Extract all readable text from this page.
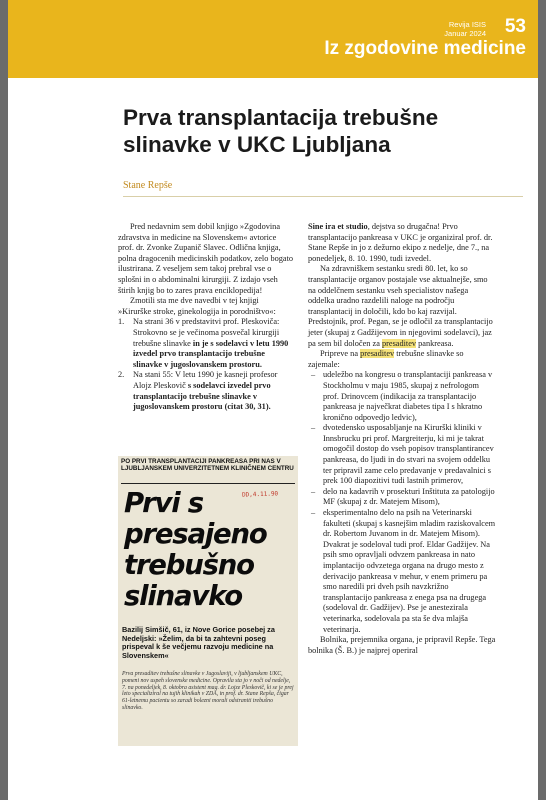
Revija ISIS
Januar 2024 53
Iz zgodovine medicine
Prva transplantacija trebušne slinavke v UKC Ljubljana
Stane Repše

Pred nedavnim sem dobil knjigo »Zgodovina zdravstva in medicine na Slovenskem« avtorice prof. dr. Zvonke Zupanič Slavec. Odlična knjiga, polna dragocenih medicinskih podatkov, zelo bogato ilustrirana. Z veseljem sem takoj prebral vse o splošni in o abdominalni kirurgiji. Z izdajo vseh štirih knjig bo to zares prava enciklopedija!

Zmotili sta me dve navedbi v tej knjigi »Kirurške stroke, ginekologija in porodništvo«:

1. Na strani 36 v predstavitvi prof. Pleskoviča: Strokovno se je večinoma posvečal kirurgiji trebušne slinavke in je s sodelavci v letu 1990 izvedel prvo transplantacijo trebušne slinavke v jugoslovanskem prostoru.
2. Na stani 55: V letu 1990 je kasneji profesor Alojz Pleskovič s sodelavci izvedel prvo transplantacijo trebušne slinavke v jugoslovanskem prostoru (citat 30, 31).
PO PRVI TRANSPLANTACIJI PANKREASA PRI NAS V LJUBLJANSKEM UNIVERZITETNEM KLINIČNEM CENTRU
Prvi s
presajeno
trebušno
slinavko
DD,4.11.90
Bazilij Simšič, 61, iz Nove Gorice posebej za Nedeljski: »Želim, da bi ta zahtevni poseg prispeval k še večjemu razvoju medicine na Slovenskem«
Prva presaditev trebušne slinavke v Jugoslaviji, v ljubljanskem UKC, pomeni nov uspeh slovenske medicine. Opravila sta jo v noči od nedelje, 7. na ponedeljek, 8. oktobra asistent mag. dr. Lojze Pleskovič, ki se je prej leto specializiral na tujih klinikah v ZDA, in prof. dr. Stane Repša, čigar 61-letnemu pacientu so zaradi bolezni morali odstraniti trebušno slinavko.

Sine ira et studio, dejstva so drugačna! Prvo transplantacijo pankreasa v UKC je organiziral prof. dr. Stane Repše in jo z dežurno ekipo z nedelje, dne 7., na ponedeljek, 8. 10. 1990, tudi izvedel.

Na zdravniškem sestanku sredi 80. let, ko so transplantacije organov postajale vse aktualnejše, smo na oddelčnem sestanku vseh specialistov našega oddelka uradno razdelili naloge na področju transplantacij in določili, kdo bo kaj razvijal. Predstojnik, prof. Pegan, se je odločil za transplantacijo jeter (skupaj z Gadžijevom in njegovimi sodelavci), jaz pa sem bil določen za presaditev pankreasa.

Pripreve na presaditev trebušne slinavke so zajemale:

– udeležbo na kongresu o transplantaciji pankreasa v Stockholmu v maju 1985, skupaj z nefrologom prof. Drinovcem (indikacija za transplantacijo pankreasa je največkrat diabetes tipa I s hkratno kronično odpovedjo ledvic),
– dvotedensko usposabljanje na Kirurški kliniki v Innsbrucku pri prof. Margreiterju, ki mi je takrat omogočil dostop do vseh popisov transplantirancev pankreasa, do ljudi in do stvari na svojem oddelku ter pripravil zame celo predavanje v predavalnici s prek 100 diapozitivi tudi lastnih primerov,
– delo na kadavrih v prosekturi Inštituta za patologijo MF (skupaj z dr. Matejem Misom),
– eksperimentalno delo na psih na Veterinarski fakulteti (skupaj s kasnejšim mladim raziskovalcem dr. Robertom Juvanom in dr. Matejem Misom). Dvakrat je sodeloval tudi prof. Eldar Gadžijev. Na psih smo opravljali odvzem pankreasa in nato implantacijo odvzetega organa na drugo mesto z derivacijo pankreasa v mehur, v enem primeru pa smo naredili pri dveh psih navzkrižno transplantacijo pankreasa z enega psa na drugega (sodeloval dr. Gadžijev). Pse je anestezirala veterinarka, sodelovala pa sta še dva mlajša veterinarja.

Bolnika, prejemnika organa, je pripravil Repše. Tega bolnika (Š. B.) je najprej operiral
